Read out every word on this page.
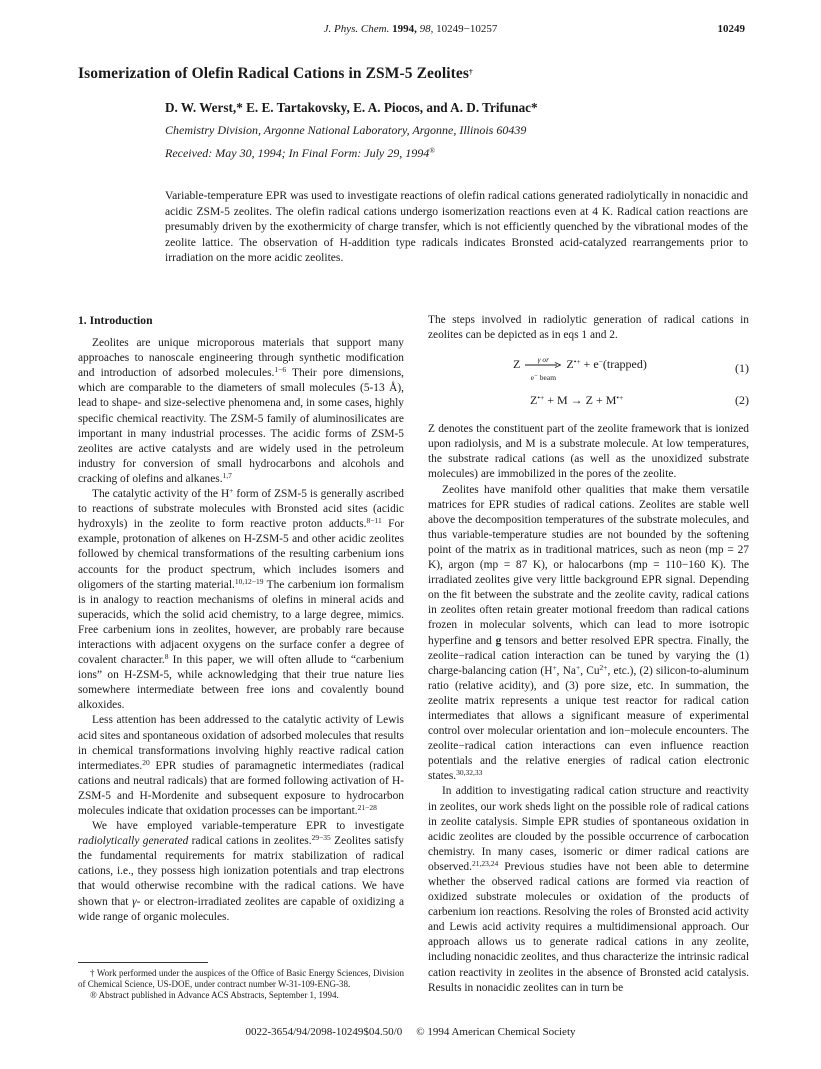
J. Phys. Chem. 1994, 98, 10249−10257	10249
Isomerization of Olefin Radical Cations in ZSM-5 Zeolites†
D. W. Werst,* E. E. Tartakovsky, E. A. Piocos, and A. D. Trifunac*
Chemistry Division, Argonne National Laboratory, Argonne, Illinois 60439
Received: May 30, 1994; In Final Form: July 29, 1994®
Variable-temperature EPR was used to investigate reactions of olefin radical cations generated radiolytically in nonacidic and acidic ZSM-5 zeolites. The olefin radical cations undergo isomerization reactions even at 4 K. Radical cation reactions are presumably driven by the exothermicity of charge transfer, which is not efficiently quenched by the vibrational modes of the zeolite lattice. The observation of H-addition type radicals indicates Bronsted acid-catalyzed rearrangements prior to irradiation on the more acidic zeolites.
1. Introduction

Zeolites are unique microporous materials that support many approaches to nanoscale engineering through synthetic modification and introduction of adsorbed molecules.$^{1-6}$ Their pore dimensions, which are comparable to the diameters of small molecules (5-13 Å), lead to shape- and size-selective phenomena and, in some cases, highly specific chemical reactivity. The ZSM-5 family of aluminosilicates are important in many industrial processes. The acidic forms of ZSM-5 zeolites are active catalysts and are widely used in the petroleum industry for conversion of small hydrocarbons and alcohols and cracking of olefins and alkanes.$^{1,7}$

The catalytic activity of the H+ form of ZSM-5 is generally ascribed to reactions of substrate molecules with Bronsted acid sites (acidic hydroxyls) in the zeolite to form reactive proton adducts.$^{8-11}$ For example, protonation of alkenes on H-ZSM-5 and other acidic zeolites followed by chemical transformations of the resulting carbenium ions accounts for the product spectrum, which includes isomers and oligomers of the starting material.$^{10,12-19}$ The carbenium ion formalism is in analogy to reaction mechanisms of olefins in mineral acids and superacids, which the solid acid chemistry, to a large degree, mimics. Free carbenium ions in zeolites, however, are probably rare because interactions with adjacent oxygens on the surface confer a degree of covalent character.$^8$ In this paper, we will often allude to “carbenium ions” on H-ZSM-5, while acknowledging that their true nature lies somewhere intermediate between free ions and covalently bound alkoxides.

Less attention has been addressed to the catalytic activity of Lewis acid sites and spontaneous oxidation of adsorbed molecules that results in chemical transformations involving highly reactive radical cation intermediates.$^{20}$ EPR studies of paramagnetic intermediates (radical cations and neutral radicals) that are formed following activation of H-ZSM-5 and H-Mordenite and subsequent exposure to hydrocarbon molecules indicate that oxidation processes can be important.$^{21-28}$

We have employed variable-temperature EPR to investigate radiolytically generated radical cations in zeolites.$^{29-35}$ Zeolites satisfy the fundamental requirements for matrix stabilization of radical cations, i.e., they possess high ionization potentials and trap electrons that would otherwise recombine with the radical cations. We have shown that γ- or electron-irradiated zeolites are capable of oxidizing a wide range of organic molecules.

† Work performed under the auspices of the Office of Basic Energy Sciences, Division of Chemical Science, US-DOE, under contract number W-31-109-ENG-38.

® Abstract published in Advance ACS Abstracts, September 1, 1994.

The steps involved in radiolytic generation of radical cations in zeolites can be depicted as in eqs 1 and 2.

Z	γ or
e⁻ beam
Z•+ + e−(trapped)	(1)
Z•+ + M → Z + M•+	(2)

Z denotes the constituent part of the zeolite framework that is ionized upon radiolysis, and M is a substrate molecule. At low temperatures, the substrate radical cations (as well as the unoxidized substrate molecules) are immobilized in the pores of the zeolite.

Zeolites have manifold other qualities that make them versatile matrices for EPR studies of radical cations. Zeolites are stable well above the decomposition temperatures of the substrate molecules, and thus variable-temperature studies are not bounded by the softening point of the matrix as in traditional matrices, such as neon (mp = 27 K), argon (mp = 87 K), or halocarbons (mp = 110−160 K). The irradiated zeolites give very little background EPR signal. Depending on the fit between the substrate and the zeolite cavity, radical cations in zeolites often retain greater motional freedom than radical cations frozen in molecular solvents, which can lead to more isotropic hyperfine and g tensors and better resolved EPR spectra. Finally, the zeolite−radical cation interaction can be tuned by varying the (1) charge-balancing cation (H+, Na+, $Cu^{2+}$, etc.), (2) silicon-to-aluminum ratio (relative acidity), and (3) pore size, etc. In summation, the zeolite matrix represents a unique test reactor for radical cation intermediates that allows a significant measure of experimental control over molecular orientation and ion−molecule encounters. The zeolite−radical cation interactions can even influence reaction potentials and the relative energies of radical cation electronic states.$^{30,32,33}$

In addition to investigating radical cation structure and reactivity in zeolites, our work sheds light on the possible role of radical cations in zeolite catalysis. Simple EPR studies of spontaneous oxidation in acidic zeolites are clouded by the possible occurrence of carbocation chemistry. In many cases, isomeric or dimer radical cations are observed.$^{21,23,24}$ Previous studies have not been able to determine whether the observed radical cations are formed via reaction of oxidized substrate molecules or oxidation of the products of carbenium ion reactions. Resolving the roles of Bronsted acid activity and Lewis acid activity requires a multidimensional approach. Our approach allows us to generate radical cations in any zeolite, including nonacidic zeolites, and thus characterize the intrinsic radical cation reactivity in zeolites in the absence of Bronsted acid catalysis. Results in nonacidic zeolites can in turn be

0022-3654/94/2098-10249$04.50/0 © 1994 American Chemical Society
